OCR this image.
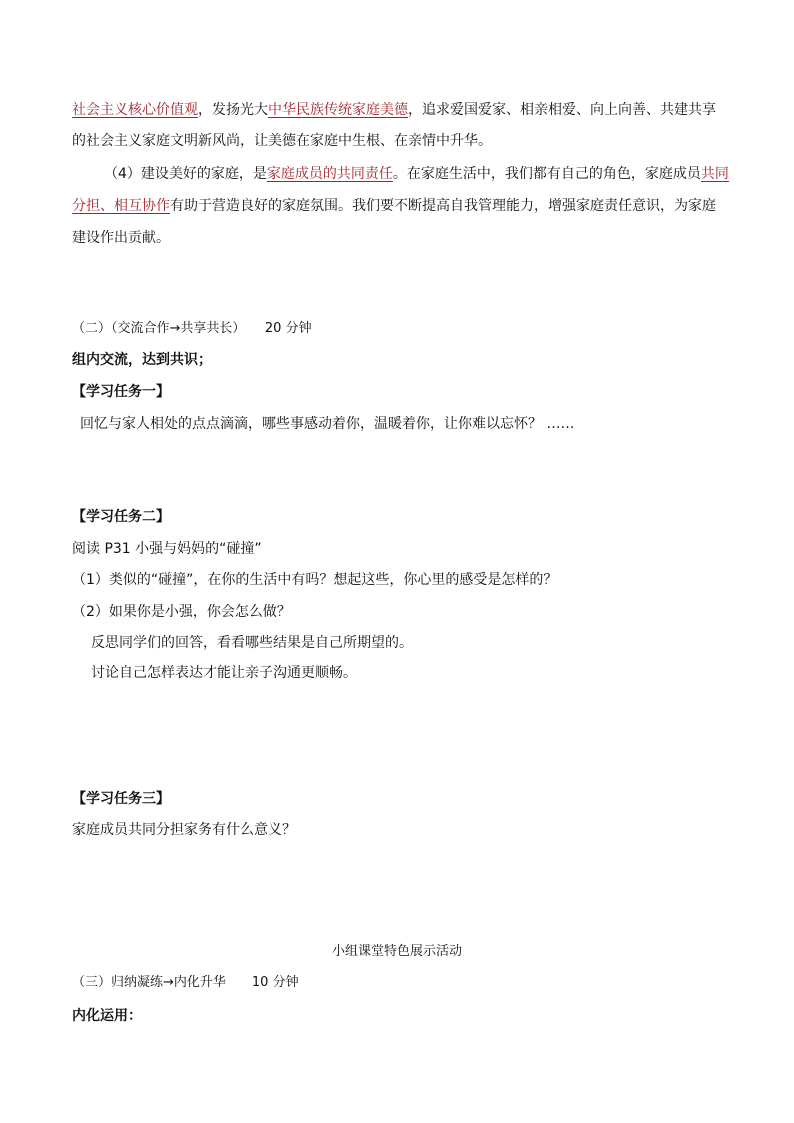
社会主义核心价值观，发扬光大中华民族传统家庭美德，追求爱国爱家、相亲相爱、向上向善、共建共享
的社会主义家庭文明新风尚，让美德在家庭中生根、在亲情中升华。
（4）建设美好的家庭，是家庭成员的共同责任。在家庭生活中，我们都有自己的角色，家庭成员共同
分担、相互协作有助于营造良好的家庭氛围。我们要不断提高自我管理能力，增强家庭责任意识，为家庭
建设作出贡献。
（二）（交流合作→共享共长）　　20 分钟
组内交流，达到共识；
【学习任务一】
回忆与家人相处的点点滴滴，哪些事感动着你，温暖着你，让你难以忘怀？ ……
【学习任务二】
阅读 P31 小强与妈妈的“碰撞”
（1）类似的“碰撞”，在你的生活中有吗？想起这些，你心里的感受是怎样的？
（2）如果你是小强，你会怎么做？
反思同学们的回答，看看哪些结果是自己所期望的。
讨论自己怎样表达才能让亲子沟通更顺畅。
【学习任务三】
家庭成员共同分担家务有什么意义？
小组课堂特色展示活动
（三）归纳凝练→内化升华　　10 分钟
内化运用：
